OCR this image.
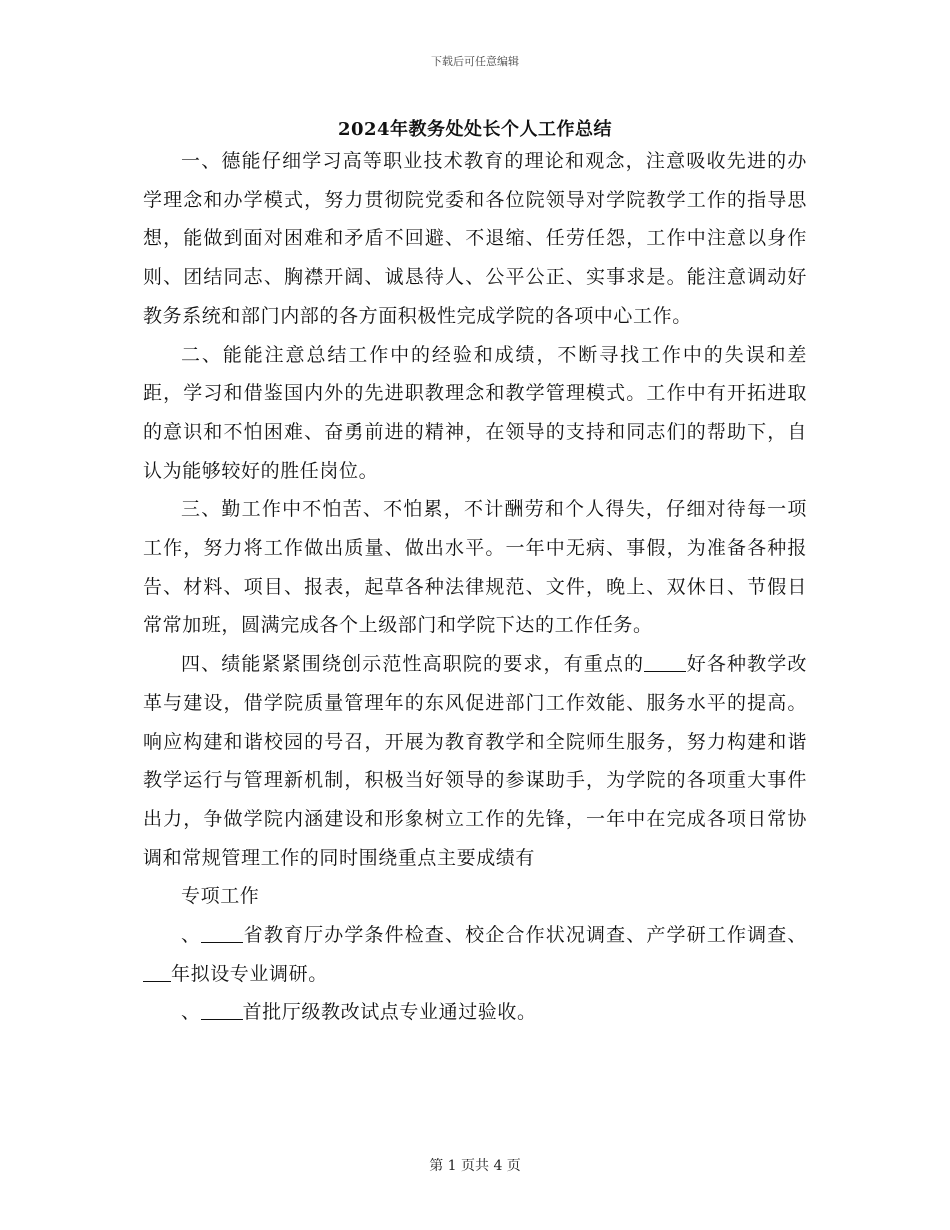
下载后可任意编辑
2024年教务处处长个人工作总结

一、德能仔细学习高等职业技术教育的理论和观念，注意吸收先进的办学理念和办学模式，努力贯彻院党委和各位院领导对学院教学工作的指导思想，能做到面对困难和矛盾不回避、不退缩、任劳任怨，工作中注意以身作则、团结同志、胸襟开阔、诚恳待人、公平公正、实事求是。能注意调动好教务系统和部门内部的各方面积极性完成学院的各项中心工作。

二、能能注意总结工作中的经验和成绩，不断寻找工作中的失误和差距，学习和借鉴国内外的先进职教理念和教学管理模式。工作中有开拓进取的意识和不怕困难、奋勇前进的精神，在领导的支持和同志们的帮助下，自认为能够较好的胜任岗位。

三、勤工作中不怕苦、不怕累，不计酬劳和个人得失，仔细对待每一项工作，努力将工作做出质量、做出水平。一年中无病、事假，为准备各种报告、材料、项目、报表，起草各种法律规范、文件，晚上、双休日、节假日常常加班，圆满完成各个上级部门和学院下达的工作任务。

四、绩能紧紧围绕创示范性高职院的要求，有重点的 好各种教学改革与建设，借学院质量管理年的东风促进部门工作效能、服务水平的提高。响应构建和谐校园的号召，开展为教育教学和全院师生服务，努力构建和谐教学运行与管理新机制，积极当好领导的参谋助手，为学院的各项重大事件出力，争做学院内涵建设和形象树立工作的先锋，一年中在完成各项日常协调和常规管理工作的同时围绕重点主要成绩有

专项工作

、 省教育厅办学条件检查、校企合作状况调查、产学研工作调查、年拟设专业调研。

、 首批厅级教改试点专业通过验收。

第 1 页共 4 页
